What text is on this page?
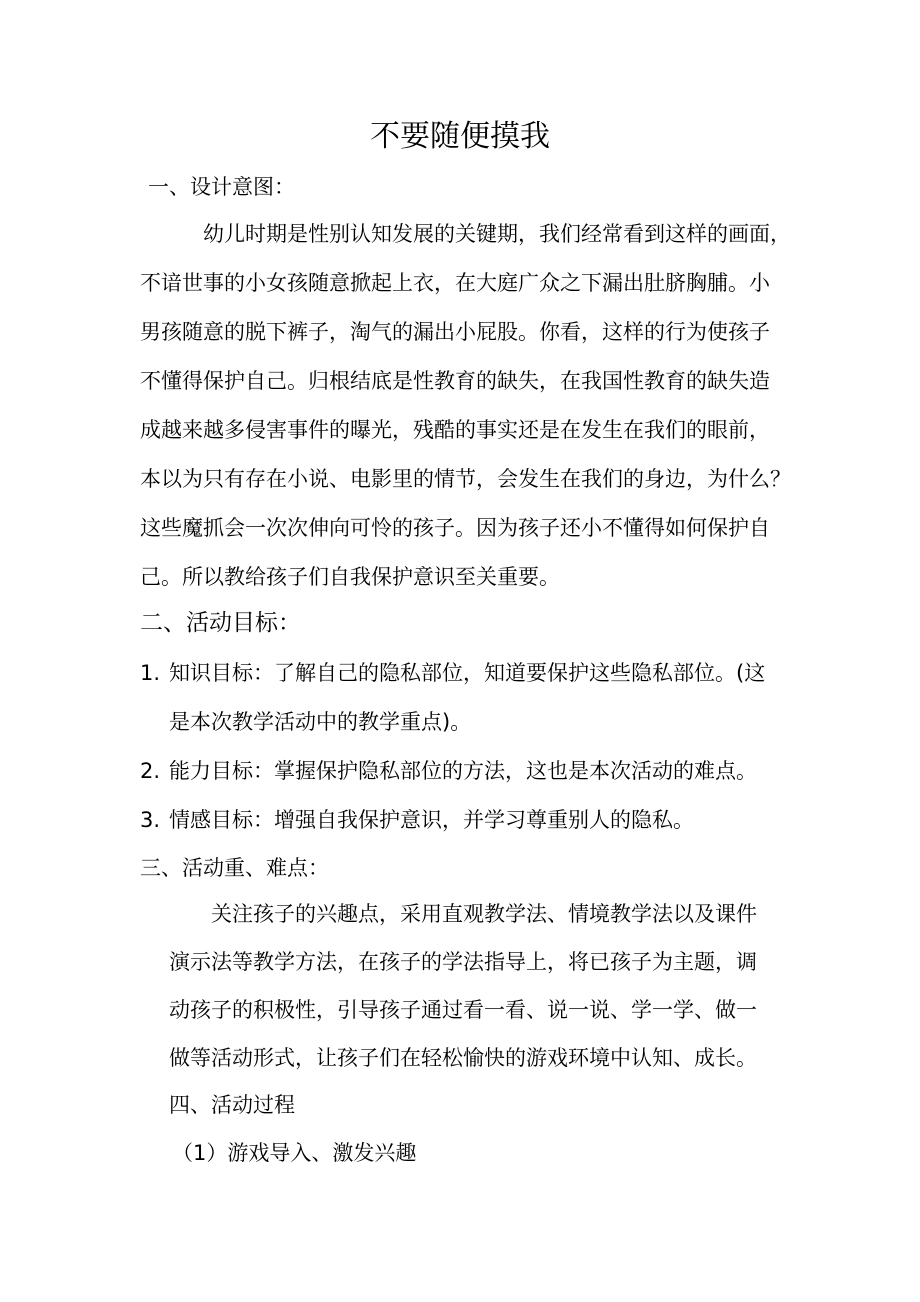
不要随便摸我
一、设计意图：
幼儿时期是性别认知发展的关键期，我们经常看到这样的画面，
不谙世事的小女孩随意掀起上衣，在大庭广众之下漏出肚脐胸脯。小
男孩随意的脱下裤子，淘气的漏出小屁股。你看，这样的行为使孩子
不懂得保护自己。归根结底是性教育的缺失，在我国性教育的缺失造
成越来越多侵害事件的曝光，残酷的事实还是在发生在我们的眼前，
本以为只有存在小说、电影里的情节，会发生在我们的身边，为什么？
这些魔抓会一次次伸向可怜的孩子。因为孩子还小不懂得如何保护自
己。所以教给孩子们自我保护意识至关重要。
二、活动目标：
1. 知识目标：了解自己的隐私部位，知道要保护这些隐私部位。(这
是本次教学活动中的教学重点)。
2. 能力目标：掌握保护隐私部位的方法，这也是本次活动的难点。
3. 情感目标：增强自我保护意识，并学习尊重别人的隐私。
三、活动重、难点：
关注孩子的兴趣点，采用直观教学法、情境教学法以及课件
演示法等教学方法，在孩子的学法指导上，将已孩子为主题，调
动孩子的积极性，引导孩子通过看一看、说一说、学一学、做一
做等活动形式，让孩子们在轻松愉快的游戏环境中认知、成长。
四、活动过程
（1）游戏导入、激发兴趣
